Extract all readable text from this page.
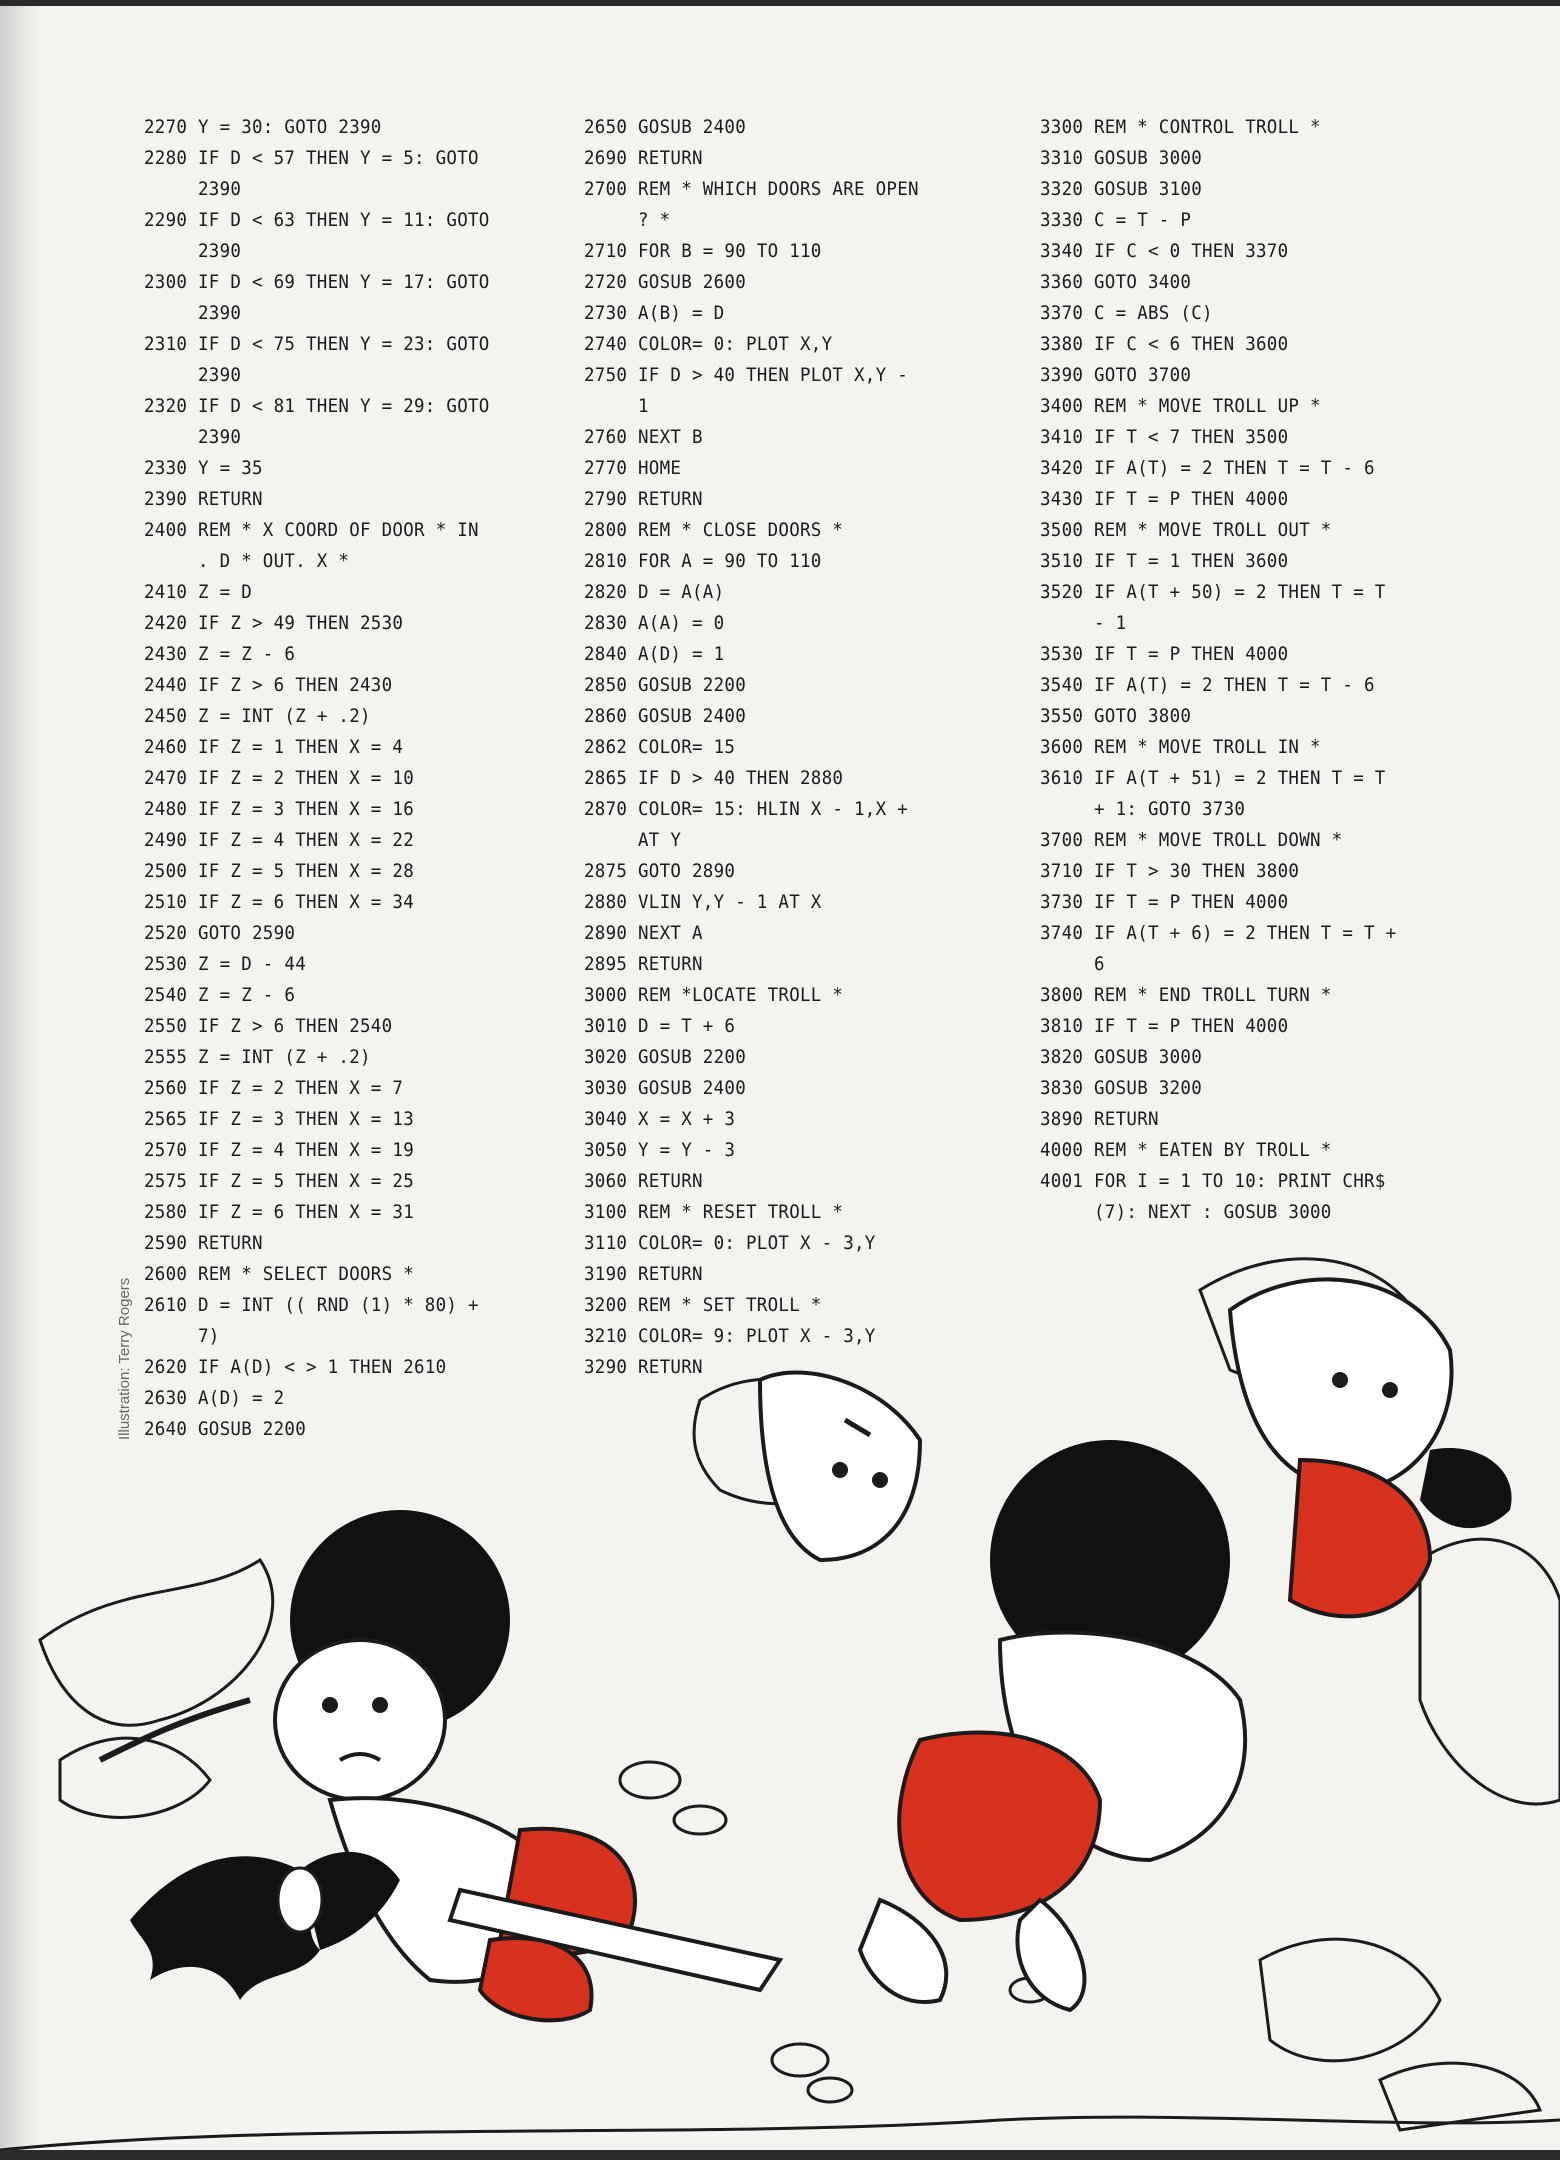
2270 Y = 30: GOTO 2390
2280 IF D < 57 THEN Y = 5: GOTO
2390
2290 IF D < 63 THEN Y = 11: GOTO
2390
2300 IF D < 69 THEN Y = 17: GOTO
2390
2310 IF D < 75 THEN Y = 23: GOTO
2390
2320 IF D < 81 THEN Y = 29: GOTO
2390
2330 Y = 35
2390 RETURN
2400 REM * X COORD OF DOOR * IN
. D * OUT. X *
2410 Z = D
2420 IF Z > 49 THEN 2530
2430 Z = Z - 6
2440 IF Z > 6 THEN 2430
2450 Z = INT (Z + .2)
2460 IF Z = 1 THEN X = 4
2470 IF Z = 2 THEN X = 10
2480 IF Z = 3 THEN X = 16
2490 IF Z = 4 THEN X = 22
2500 IF Z = 5 THEN X = 28
2510 IF Z = 6 THEN X = 34
2520 GOTO 2590
2530 Z = D - 44
2540 Z = Z - 6
2550 IF Z > 6 THEN 2540
2555 Z = INT (Z + .2)
2560 IF Z = 2 THEN X = 7
2565 IF Z = 3 THEN X = 13
2570 IF Z = 4 THEN X = 19
2575 IF Z = 5 THEN X = 25
2580 IF Z = 6 THEN X = 31
2590 RETURN
2600 REM * SELECT DOORS *
2610 D = INT (( RND (1) * 80) +
7)
2620 IF A(D) < > 1 THEN 2610
2630 A(D) = 2
2640 GOSUB 2200
2650 GOSUB 2400
2690 RETURN
2700 REM * WHICH DOORS ARE OPEN
? *
2710 FOR B = 90 TO 110
2720 GOSUB 2600
2730 A(B) = D
2740 COLOR= 0: PLOT X,Y
2750 IF D > 40 THEN PLOT X,Y -
1
2760 NEXT B
2770 HOME
2790 RETURN
2800 REM * CLOSE DOORS *
2810 FOR A = 90 TO 110
2820 D = A(A)
2830 A(A) = 0
2840 A(D) = 1
2850 GOSUB 2200
2860 GOSUB 2400
2862 COLOR= 15
2865 IF D > 40 THEN 2880
2870 COLOR= 15: HLIN X - 1,X +
AT Y
2875 GOTO 2890
2880 VLIN Y,Y - 1 AT X
2890 NEXT A
2895 RETURN
3000 REM *LOCATE TROLL *
3010 D = T + 6
3020 GOSUB 2200
3030 GOSUB 2400
3040 X = X + 3
3050 Y = Y - 3
3060 RETURN
3100 REM * RESET TROLL *
3110 COLOR= 0: PLOT X - 3,Y
3190 RETURN
3200 REM * SET TROLL *
3210 COLOR= 9: PLOT X - 3,Y
3290 RETURN
3300 REM * CONTROL TROLL *
3310 GOSUB 3000
3320 GOSUB 3100
3330 C = T - P
3340 IF C < 0 THEN 3370
3360 GOTO 3400
3370 C = ABS (C)
3380 IF C < 6 THEN 3600
3390 GOTO 3700
3400 REM * MOVE TROLL UP *
3410 IF T < 7 THEN 3500
3420 IF A(T) = 2 THEN T = T - 6
3430 IF T = P THEN 4000
3500 REM * MOVE TROLL OUT *
3510 IF T = 1 THEN 3600
3520 IF A(T + 50) = 2 THEN T = T
- 1
3530 IF T = P THEN 4000
3540 IF A(T) = 2 THEN T = T - 6
3550 GOTO 3800
3600 REM * MOVE TROLL IN *
3610 IF A(T + 51) = 2 THEN T = T
+ 1: GOTO 3730
3700 REM * MOVE TROLL DOWN *
3710 IF T > 30 THEN 3800
3730 IF T = P THEN 4000
3740 IF A(T + 6) = 2 THEN T = T +
6
3800 REM * END TROLL TURN *
3810 IF T = P THEN 4000
3820 GOSUB 3000
3830 GOSUB 3200
3890 RETURN
4000 REM * EATEN BY TROLL *
4001 FOR I = 1 TO 10: PRINT CHR$
(7): NEXT : GOSUB 3000
Illustration: Terry Rogers
